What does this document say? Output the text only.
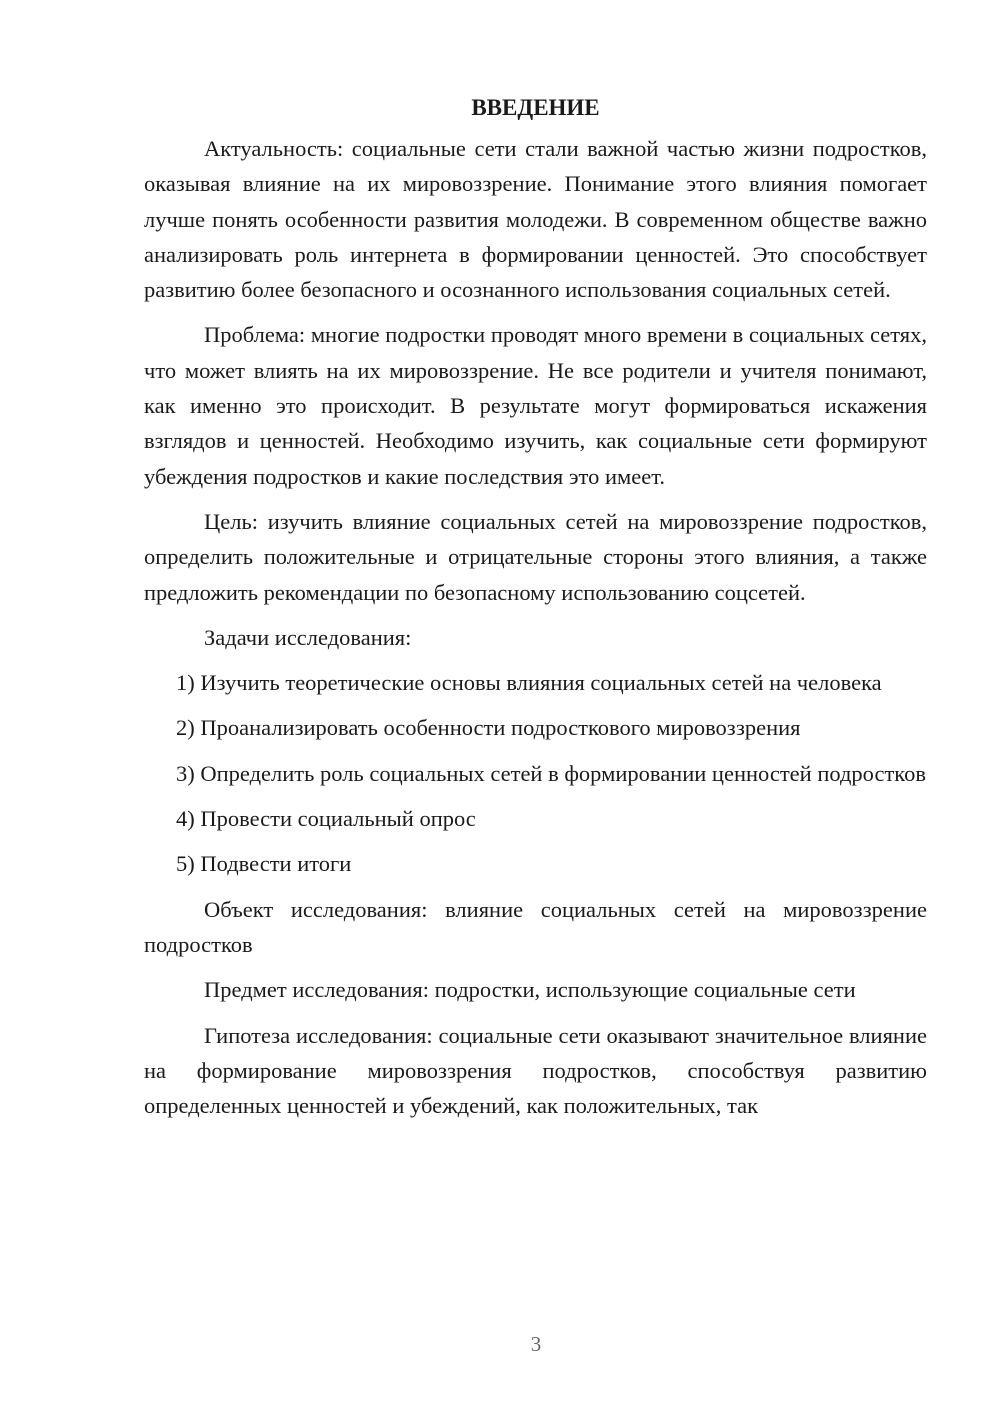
ВВЕДЕНИЕ

Актуальность: социальные сети стали важной частью жизни подростков, оказывая влияние на их мировоззрение. Понимание этого влияния помогает лучше понять особенности развития молодежи. В современном обществе важно анализировать роль интернета в формировании ценностей. Это способствует развитию более безопасного и осознанного использования социальных сетей.

Проблема: многие подростки проводят много времени в социальных сетях, что может влиять на их мировоззрение. Не все родители и учителя понимают, как именно это происходит. В результате могут формироваться искажения взглядов и ценностей. Необходимо изучить, как социальные сети формируют убеждения подростков и какие последствия это имеет.

Цель: изучить влияние социальных сетей на мировоззрение подростков, определить положительные и отрицательные стороны этого влияния, а также предложить рекомендации по безопасному использованию соцсетей.

Задачи исследования:

1) Изучить теоретические основы влияния социальных сетей на человека

2) Проанализировать особенности подросткового мировоззрения

3) Определить роль социальных сетей в формировании ценностей подростков

4) Провести социальный опрос

5) Подвести итоги

Объект исследования: влияние социальных сетей на мировоззрение подростков

Предмет исследования: подростки, использующие социальные сети

Гипотеза исследования: социальные сети оказывают значительное влияние на формирование мировоззрения подростков, способствуя развитию определенных ценностей и убеждений, как положительных, так

3
